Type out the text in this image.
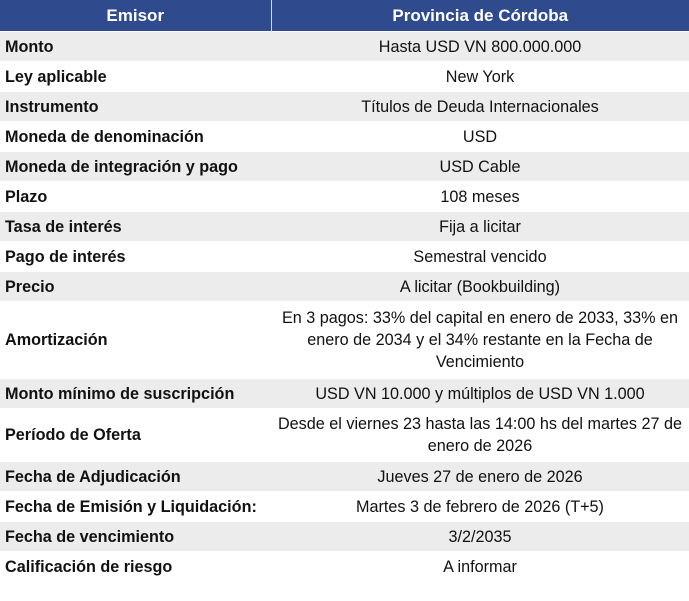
Emisor	Provincia de Córdoba
Monto	Hasta USD VN 800.000.000
Ley aplicable	New York
Instrumento	Títulos de Deuda Internacionales
Moneda de denominación	USD
Moneda de integración y pago	USD Cable
Plazo	108 meses
Tasa de interés	Fija a licitar
Pago de interés	Semestral vencido
Precio	A licitar (Bookbuilding)
Amortización	En 3 pagos: 33% del capital en enero de 2033, 33% en enero de 2034 y el 34% restante en la Fecha de Vencimiento
Monto mínimo de suscripción	USD VN 10.000 y múltiplos de USD VN 1.000
Período de Oferta	Desde el viernes 23 hasta las 14:00 hs del martes 27 de enero de 2026
Fecha de Adjudicación	Jueves 27 de enero de 2026
Fecha de Emisión y Liquidación:	Martes 3 de febrero de 2026 (T+5)
Fecha de vencimiento	3/2/2035
Calificación de riesgo	A informar
